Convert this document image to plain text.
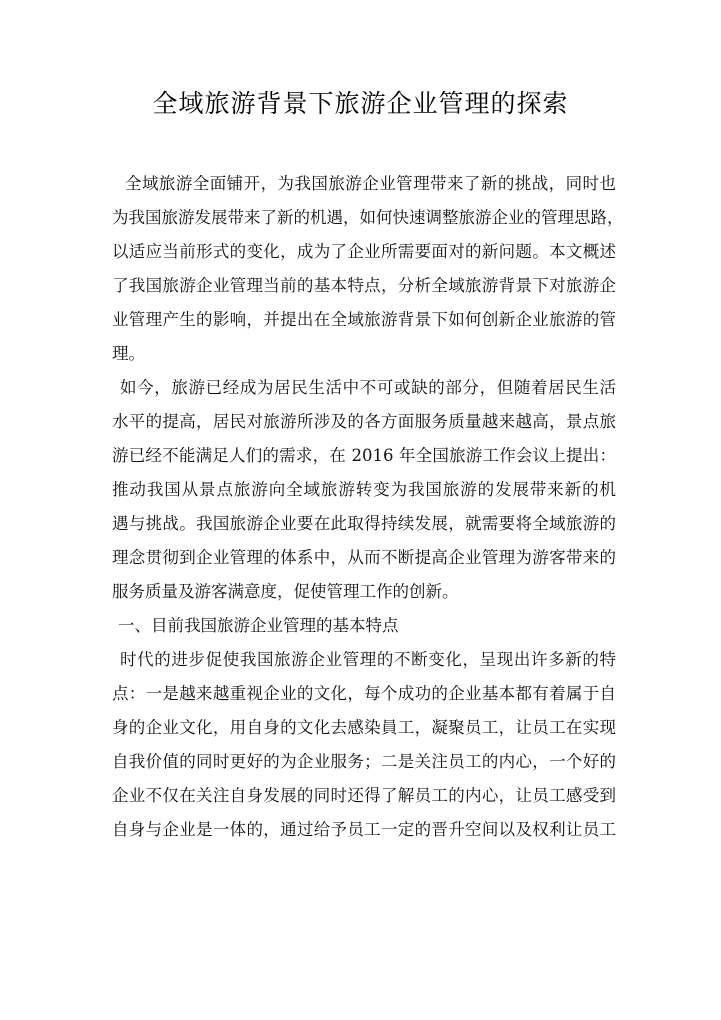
全域旅游背景下旅游企业管理的探索
全域旅游全面铺开，为我国旅游企业管理带来了新的挑战，同时也
为我国旅游发展带来了新的机遇，如何快速调整旅游企业的管理思路，
以适应当前形式的变化，成为了企业所需要面对的新问题。本文概述
了我国旅游企业管理当前的基本特点，分析全域旅游背景下对旅游企
业管理产生的影响，并提出在全域旅游背景下如何创新企业旅游的管
理。
如今，旅游已经成为居民生活中不可或缺的部分，但随着居民生活
水平的提高，居民对旅游所涉及的各方面服务质量越来越高，景点旅
游已经不能满足人们的需求，在 2016 年全国旅游工作会议上提出：
推动我国从景点旅游向全域旅游转变为我国旅游的发展带来新的机
遇与挑战。我国旅游企业要在此取得持续发展，就需要将全域旅游的
理念贯彻到企业管理的体系中，从而不断提高企业管理为游客带来的
服务质量及游客满意度，促使管理工作的创新。
一、目前我国旅游企业管理的基本特点
时代的进步促使我国旅游企业管理的不断变化，呈现出许多新的特
点：一是越来越重视企业的文化，每个成功的企业基本都有着属于自
身的企业文化，用自身的文化去感染員工，凝聚员工，让员工在实现
自我价值的同时更好的为企业服务；二是关注员工的内心，一个好的
企业不仅在关注自身发展的同时还得了解员工的内心，让员工感受到
自身与企业是一体的，通过给予员工一定的晋升空间以及权利让员工
